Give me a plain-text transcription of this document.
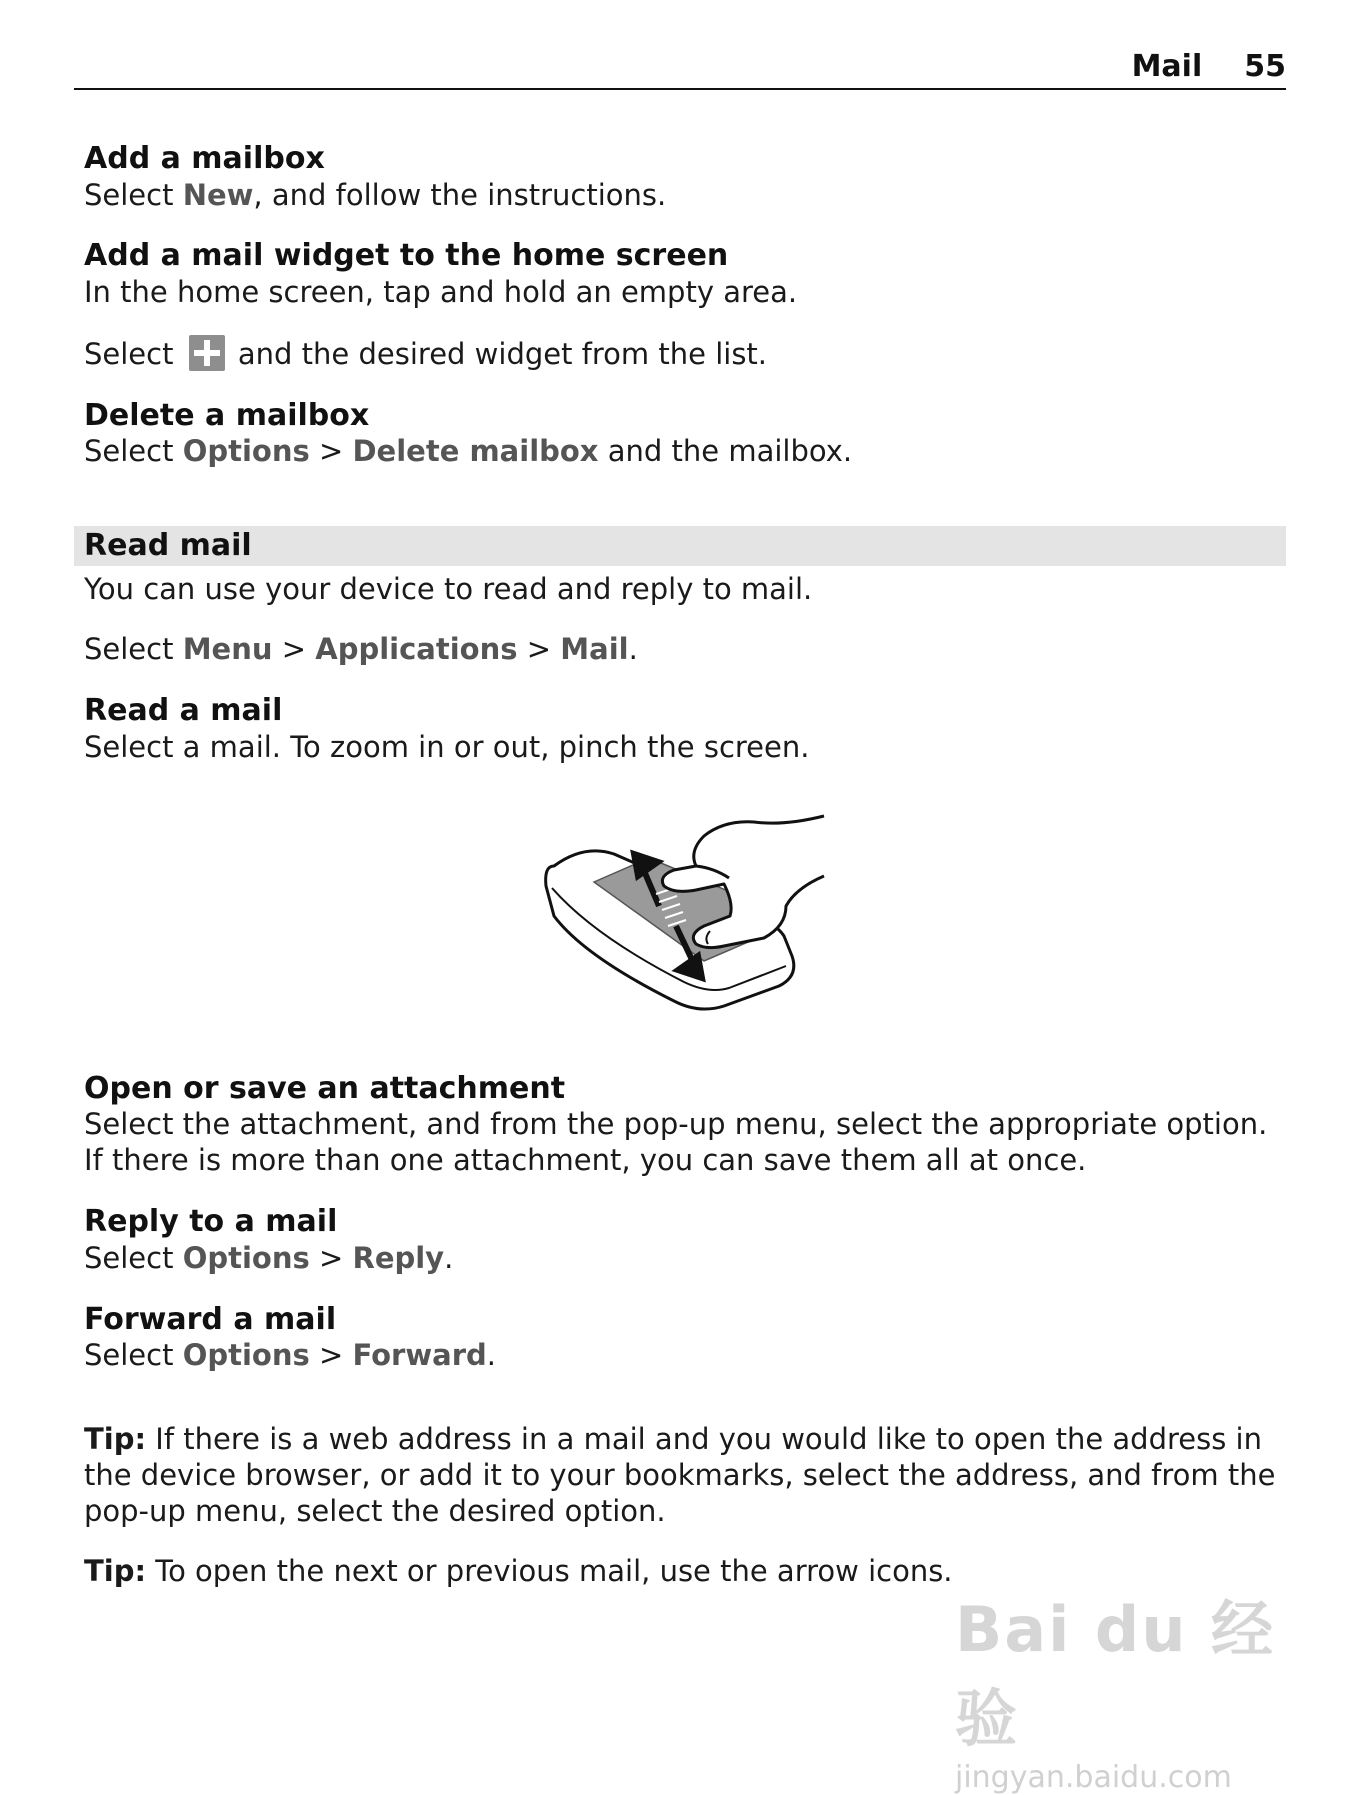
Mail 55

Add a mailbox

Select New, and follow the instructions.

Add a mail widget to the home screen

In the home screen, tap and hold an empty area.

Select  and the desired widget from the list.

Delete a mailbox

Select Options > Delete mailbox and the mailbox.

Read mail

You can use your device to read and reply to mail.

Select Menu > Applications > Mail.

Read a mail

Select a mail. To zoom in or out, pinch the screen.

Open or save an attachment

Select the attachment, and from the pop-up menu, select the appropriate option. If there is more than one attachment, you can save them all at once.

Reply to a mail

Select Options > Reply.

Forward a mail

Select Options > Forward.

Tip: If there is a web address in a mail and you would like to open the address in the device browser, or add it to your bookmarks, select the address, and from the pop-up menu, select the desired option.

Tip: To open the next or previous mail, use the arrow icons.

Bai du 经验
jingyan.baidu.com
